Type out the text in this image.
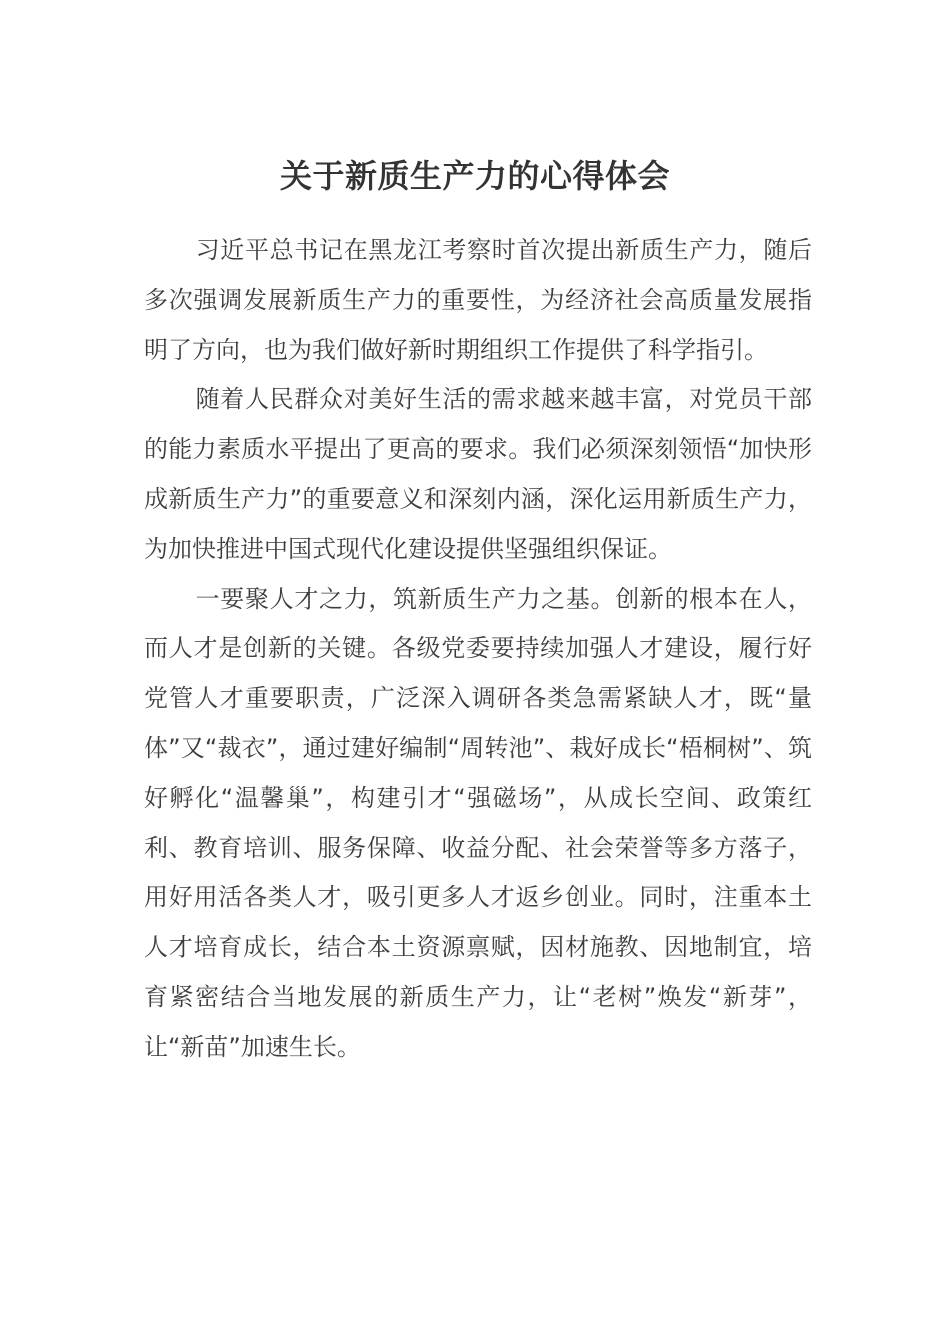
关于新质生产力的心得体会

习近平总书记在黑龙江考察时首次提出新质生产力，随后多次强调发展新质生产力的重要性，为经济社会高质量发展指明了方向，也为我们做好新时期组织工作提供了科学指引。

随着人民群众对美好生活的需求越来越丰富，对党员干部的能力素质水平提出了更高的要求。我们必须深刻领悟“加快形成新质生产力”的重要意义和深刻内涵，深化运用新质生产力，为加快推进中国式现代化建设提供坚强组织保证。

一要聚人才之力，筑新质生产力之基。创新的根本在人，而人才是创新的关键。各级党委要持续加强人才建设，履行好党管人才重要职责，广泛深入调研各类急需紧缺人才，既“量体”又“裁衣”，通过建好编制“周转池”、栽好成长“梧桐树”、筑好孵化“温馨巢”，构建引才“强磁场”，从成长空间、政策红利、教育培训、服务保障、收益分配、社会荣誉等多方落子，用好用活各类人才，吸引更多人才返乡创业。同时，注重本土人才培育成长，结合本土资源禀赋，因材施教、因地制宜，培育紧密结合当地发展的新质生产力，让“老树”焕发“新芽”，让“新苗”加速生长。
